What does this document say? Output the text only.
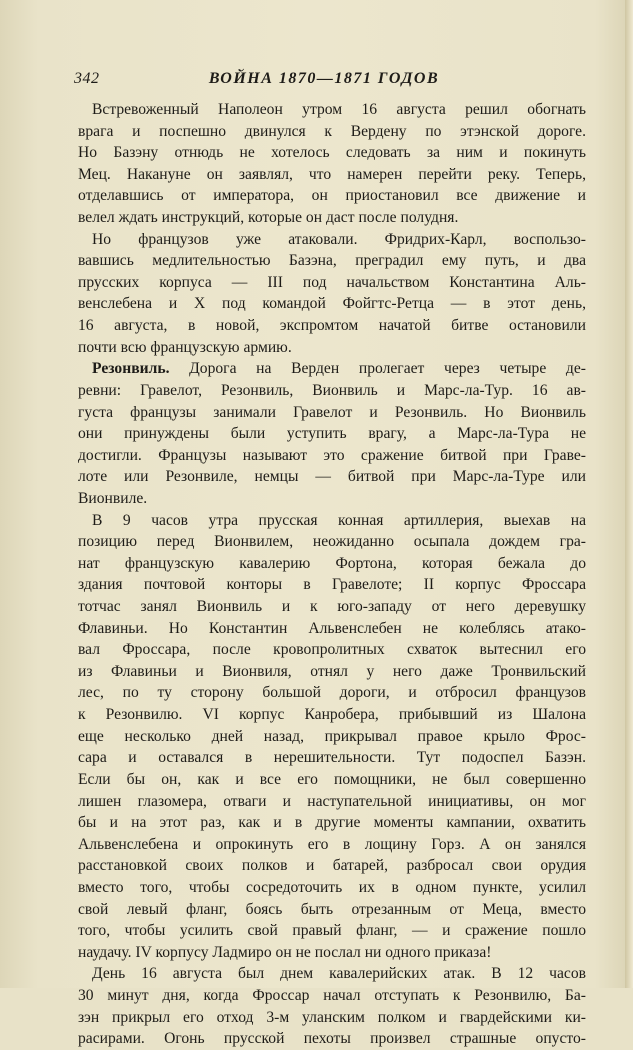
342	ВОЙНА 1870—1871 ГОДОВ
Встревоженный Наполеон утром 16 августа решил обогнать
врага и поспешно двинулся к Вердену по этэнской дороге.
Но Базэну отнюдь не хотелось следовать за ним и покинуть
Мец. Накануне он заявлял, что намерен перейти реку. Теперь,
отделавшись от императора, он приостановил все движение и
велел ждать инструкций, которые он даст после полудня.
Но французов уже атаковали. Фридрих-Карл, воспользо-
вавшись медлительностью Базэна, преградил ему путь, и два
прусских корпуса — III под начальством Константина Аль-
венслебена и X под командой Фойгтс-Ретца — в этот день,
16 августа, в новой, экспромтом начатой битве остановили
почти всю французскую армию.
Резонвиль. Дорога на Верден пролегает через четыре де-
ревни: Гравелот, Резонвиль, Вионвиль и Марс-ла-Тур. 16 ав-
густа французы занимали Гравелот и Резонвиль. Но Вионвиль
они принуждены были уступить врагу, а Марс-ла-Тура не
достигли. Французы называют это сражение битвой при Граве-
лоте или Резонвиле, немцы — битвой при Марс-ла-Туре или
Вионвиле.
В 9 часов утра прусская конная артиллерия, выехав на
позицию перед Вионвилем, неожиданно осыпала дождем гра-
нат французскую кавалерию Фортона, которая бежала до
здания почтовой конторы в Гравелоте; II корпус Фроссара
тотчас занял Вионвиль и к юго-западу от него деревушку
Флавиньи. Но Константин Альвенслебен не колеблясь атако-
вал Фроссара, после кровопролитных схваток вытеснил его
из Флавиньи и Вионвиля, отнял у него даже Тронвильский
лес, по ту сторону большой дороги, и отбросил французов
к Резонвилю. VI корпус Канробера, прибывший из Шалона
еще несколько дней назад, прикрывал правое крыло Фрос-
сара и оставался в нерешительности. Тут подоспел Базэн.
Если бы он, как и все его помощники, не был совершенно
лишен глазомера, отваги и наступательной инициативы, он мог
бы и на этот раз, как и в другие моменты кампании, охватить
Альвенслебена и опрокинуть его в лощину Горз. А он занялся
расстановкой своих полков и батарей, разбросал свои орудия
вместо того, чтобы сосредоточить их в одном пункте, усилил
свой левый фланг, боясь быть отрезанным от Меца, вместо
того, чтобы усилить свой правый фланг, — и сражение пошло
наудачу. IV корпусу Ладмиро он не послал ни одного приказа!
День 16 августа был днем кавалерийских атак. В 12 часов
30 минут дня, когда Фроссар начал отступать к Резонвилю, Ба-
зэн прикрыл его отход 3-м уланским полком и гвардейскими ки-
расирами. Огонь прусской пехоты произвел страшные опусто-
